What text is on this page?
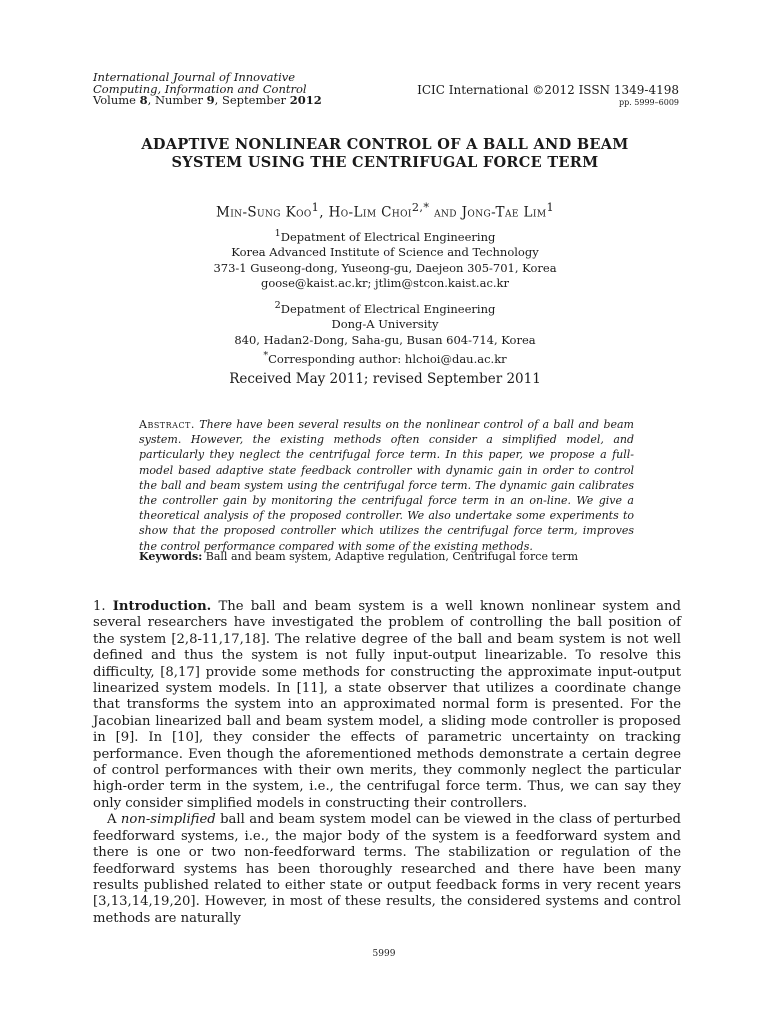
International Journal of Innovative
Computing, Information and Control
Volume 8, Number 9, September 2012
ICIC International ©2012 ISSN 1349-4198
pp. 5999–6009
ADAPTIVE NONLINEAR CONTROL OF A BALL AND BEAM
SYSTEM USING THE CENTRIFUGAL FORCE TERM
Min-Sung Koo$^1$, Ho-Lim Choi$^{2,*}$ and Jong-Tae Lim$^1$
$^1$Depatment of Electrical Engineering
Korea Advanced Institute of Science and Technology
373-1 Guseong-dong, Yuseong-gu, Daejeon 305-701, Korea
goose@kaist.ac.kr; jtlim@stcon.kaist.ac.kr
$^2$Depatment of Electrical Engineering
Dong-A University
840, Hadan2-Dong, Saha-gu, Busan 604-714, Korea
*Corresponding author: hlchoi@dau.ac.kr
Received May 2011; revised September 2011
Abstract. There have been several results on the nonlinear control of a ball and beam system. However, the existing methods often consider a simplified model, and particularly they neglect the centrifugal force term. In this paper, we propose a full-model based adaptive state feedback controller with dynamic gain in order to control the ball and beam system using the centrifugal force term. The dynamic gain calibrates the controller gain by monitoring the centrifugal force term in an on-line. We give a theoretical analysis of the proposed controller. We also undertake some experiments to show that the proposed controller which utilizes the centrifugal force term, improves the control performance compared with some of the existing methods.
Keywords: Ball and beam system, Adaptive regulation, Centrifugal force term

1. Introduction. The ball and beam system is a well known nonlinear system and several researchers have investigated the problem of controlling the ball position of the system [2,8-11,17,18]. The relative degree of the ball and beam system is not well defined and thus the system is not fully input-output linearizable. To resolve this difficulty, [8,17] provide some methods for constructing the approximate input-output linearized system models. In [11], a state observer that utilizes a coordinate change that transforms the system into an approximated normal form is presented. For the Jacobian linearized ball and beam system model, a sliding mode controller is proposed in [9]. In [10], they consider the effects of parametric uncertainty on tracking performance. Even though the aforementioned methods demonstrate a certain degree of control performances with their own merits, they commonly neglect the particular high-order term in the system, i.e., the centrifugal force term. Thus, we can say they only consider simplified models in constructing their controllers.

A non-simplified ball and beam system model can be viewed in the class of perturbed feedforward systems, i.e., the major body of the system is a feedforward system and there is one or two non-feedforward terms. The stabilization or regulation of the feedforward systems has been thoroughly researched and there have been many results published related to either state or output feedback forms in very recent years [3,13,14,19,20]. However, in most of these results, the considered systems and control methods are naturally

5999
